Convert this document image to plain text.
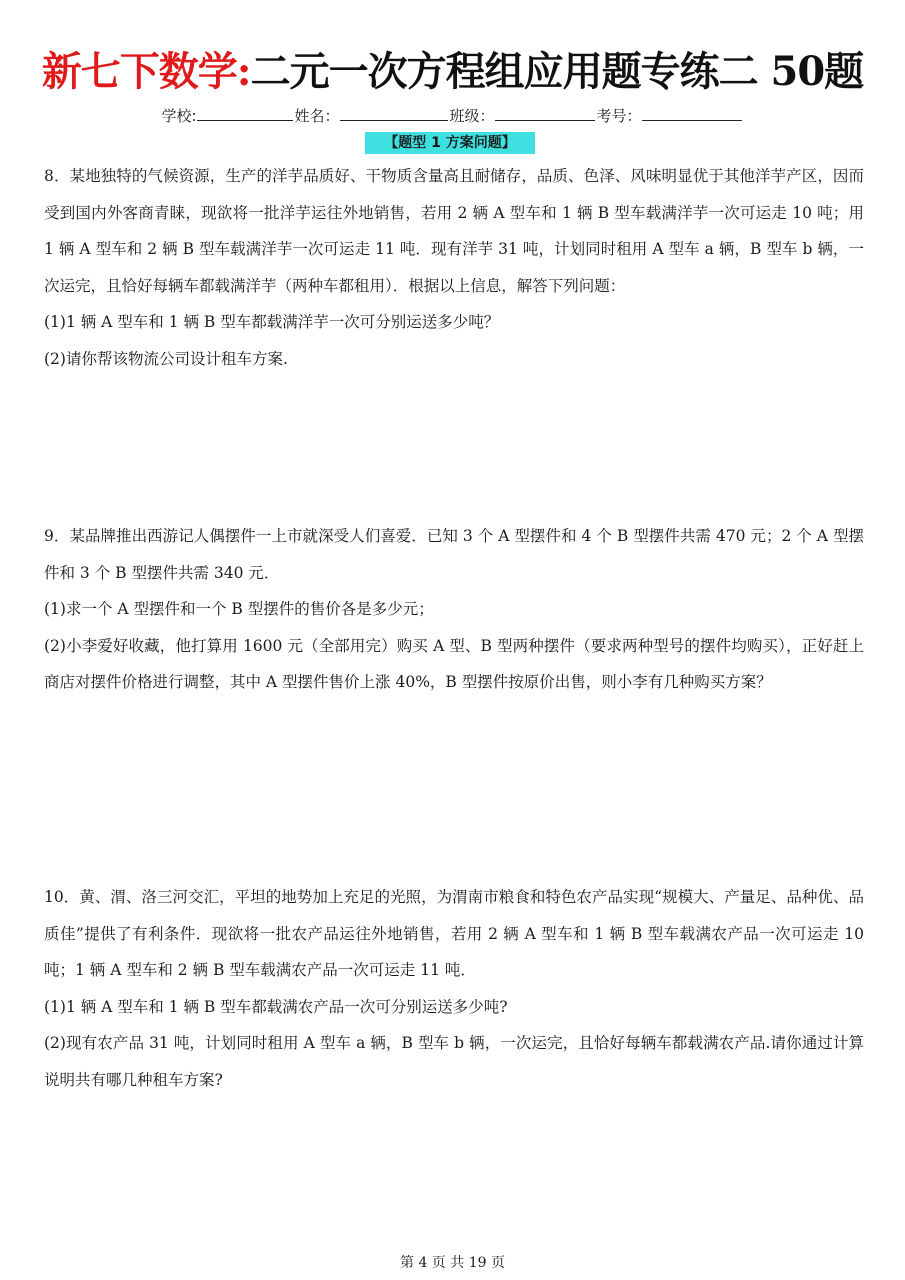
新七下数学:二元一次方程组应用题专练二 50题
学校:	姓名：	班级：	考号：
【题型 1 方案问题】

8．某地独特的气候资源，生产的洋芋品质好、干物质含量高且耐储存，品质、色泽、风味明显优于其他洋芋产区，因而受到国内外客商青睐，现欲将一批洋芋运往外地销售，若用 2 辆 A 型车和 1 辆 B 型车载满洋芋一次可运走 10 吨；用 1 辆 A 型车和 2 辆 B 型车载满洋芋一次可运走 11 吨．现有洋芋 31 吨，计划同时租用 A 型车 a 辆，B 型车 b 辆，一次运完，且恰好每辆车都载满洋芋（两种车都租用）．根据以上信息，解答下列问题：

(1)1 辆 A 型车和 1 辆 B 型车都载满洋芋一次可分别运送多少吨？

(2)请你帮该物流公司设计租车方案.

9．某品牌推出西游记人偶摆件一上市就深受人们喜爱．已知 3 个 A 型摆件和 4 个 B 型摆件共需 470 元；2 个 A 型摆件和 3 个 B 型摆件共需 340 元．

(1)求一个 A 型摆件和一个 B 型摆件的售价各是多少元；

(2)小李爱好收藏，他打算用 1600 元（全部用完）购买 A 型、B 型两种摆件（要求两种型号的摆件均购买），正好赶上商店对摆件价格进行调整，其中 A 型摆件售价上涨 40%，B 型摆件按原价出售，则小李有几种购买方案？

10．黄、渭、洛三河交汇，平坦的地势加上充足的光照，为渭南市粮食和特色农产品实现“规模大、产量足、品种优、品质佳”提供了有利条件．现欲将一批农产品运往外地销售，若用 2 辆 A 型车和 1 辆 B 型车载满农产品一次可运走 10 吨；1 辆 A 型车和 2 辆 B 型车载满农产品一次可运走 11 吨．

(1)1 辆 A 型车和 1 辆 B 型车都载满农产品一次可分别运送多少吨?

(2)现有农产品 31 吨，计划同时租用 A 型车 a 辆，B 型车 b 辆，一次运完，且恰好每辆车都载满农产品.请你通过计算说明共有哪几种租车方案?

第 4 页 共 19 页
